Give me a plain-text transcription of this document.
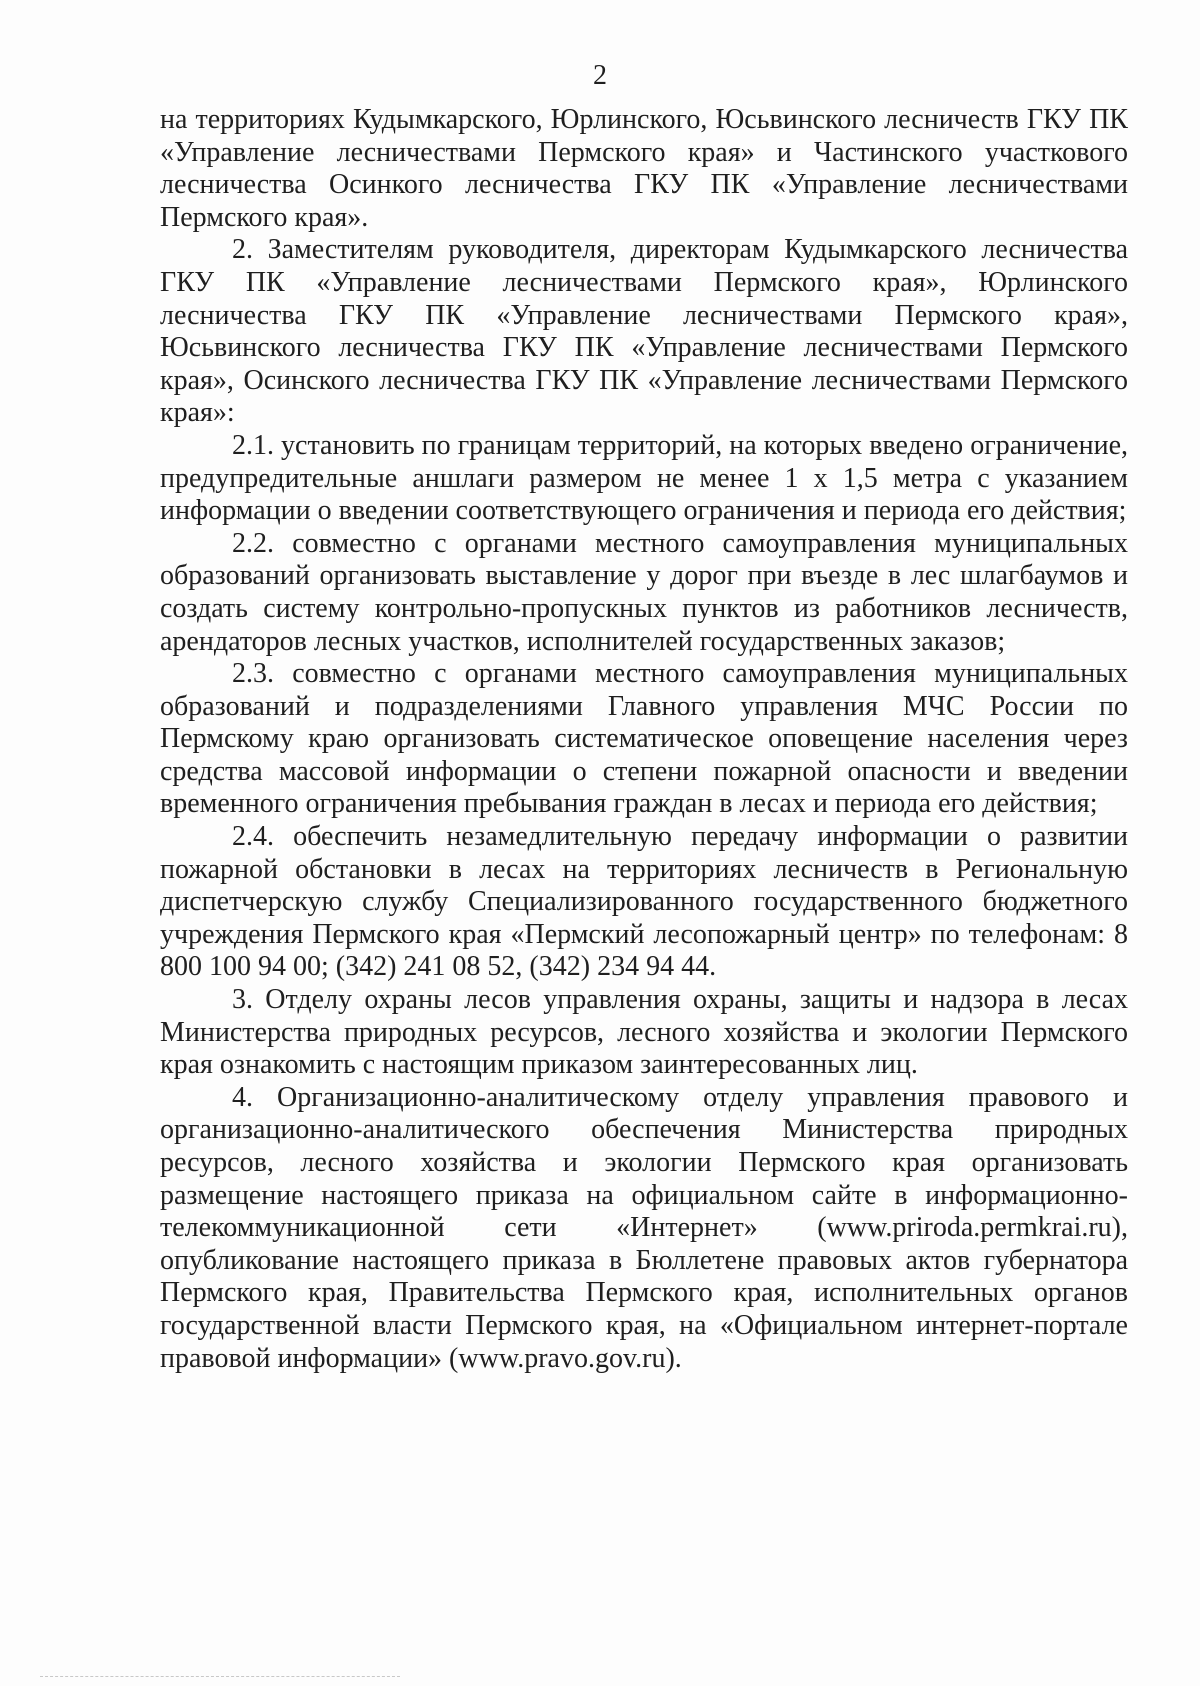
2

на территориях Кудымкарского, Юрлинского, Юсьвинского лесничеств ГКУ ПК «Управление лесничествами Пермского края» и Частинского участкового лесничества Осинкого лесничества ГКУ ПК «Управление лесничествами Пермского края».

2. Заместителям руководителя, директорам Кудымкарского лесничества ГКУ ПК «Управление лесничествами Пермского края», Юрлинского лесничества ГКУ ПК «Управление лесничествами Пермского края», Юсьвинского лесничества ГКУ ПК «Управление лесничествами Пермского края», Осинского лесничества ГКУ ПК «Управление лесничествами Пермского края»:

2.1. установить по границам территорий, на которых введено ограничение, предупредительные аншлаги размером не менее 1 х 1,5 метра с указанием информации о введении соответствующего ограничения и периода его действия;

2.2. совместно с органами местного самоуправления муниципальных образований организовать выставление у дорог при въезде в лес шлагбаумов и создать систему контрольно-пропускных пунктов из работников лесничеств, арендаторов лесных участков, исполнителей государственных заказов;

2.3. совместно с органами местного самоуправления муниципальных образований и подразделениями Главного управления МЧС России по Пермскому краю организовать систематическое оповещение населения через средства массовой информации о степени пожарной опасности и введении временного ограничения пребывания граждан в лесах и периода его действия;

2.4. обеспечить незамедлительную передачу информации о развитии пожарной обстановки в лесах на территориях лесничеств в Региональную диспетчерскую службу Специализированного государственного бюджетного учреждения Пермского края «Пермский лесопожарный центр» по телефонам: 8 800 100 94 00; (342) 241 08 52, (342) 234 94 44.

3. Отделу охраны лесов управления охраны, защиты и надзора в лесах Министерства природных ресурсов, лесного хозяйства и экологии Пермского края ознакомить с настоящим приказом заинтересованных лиц.

4. Организационно-аналитическому отделу управления правового и организационно-аналитического обеспечения Министерства природных ресурсов, лесного хозяйства и экологии Пермского края организовать размещение настоящего приказа на официальном сайте в информационно-телекоммуникационной сети «Интернет» (www.priroda.permkrai.ru), опубликование настоящего приказа в Бюллетене правовых актов губернатора Пермского края, Правительства Пермского края, исполнительных органов государственной власти Пермского края, на «Официальном интернет-портале правовой информации» (www.pravo.gov.ru).
